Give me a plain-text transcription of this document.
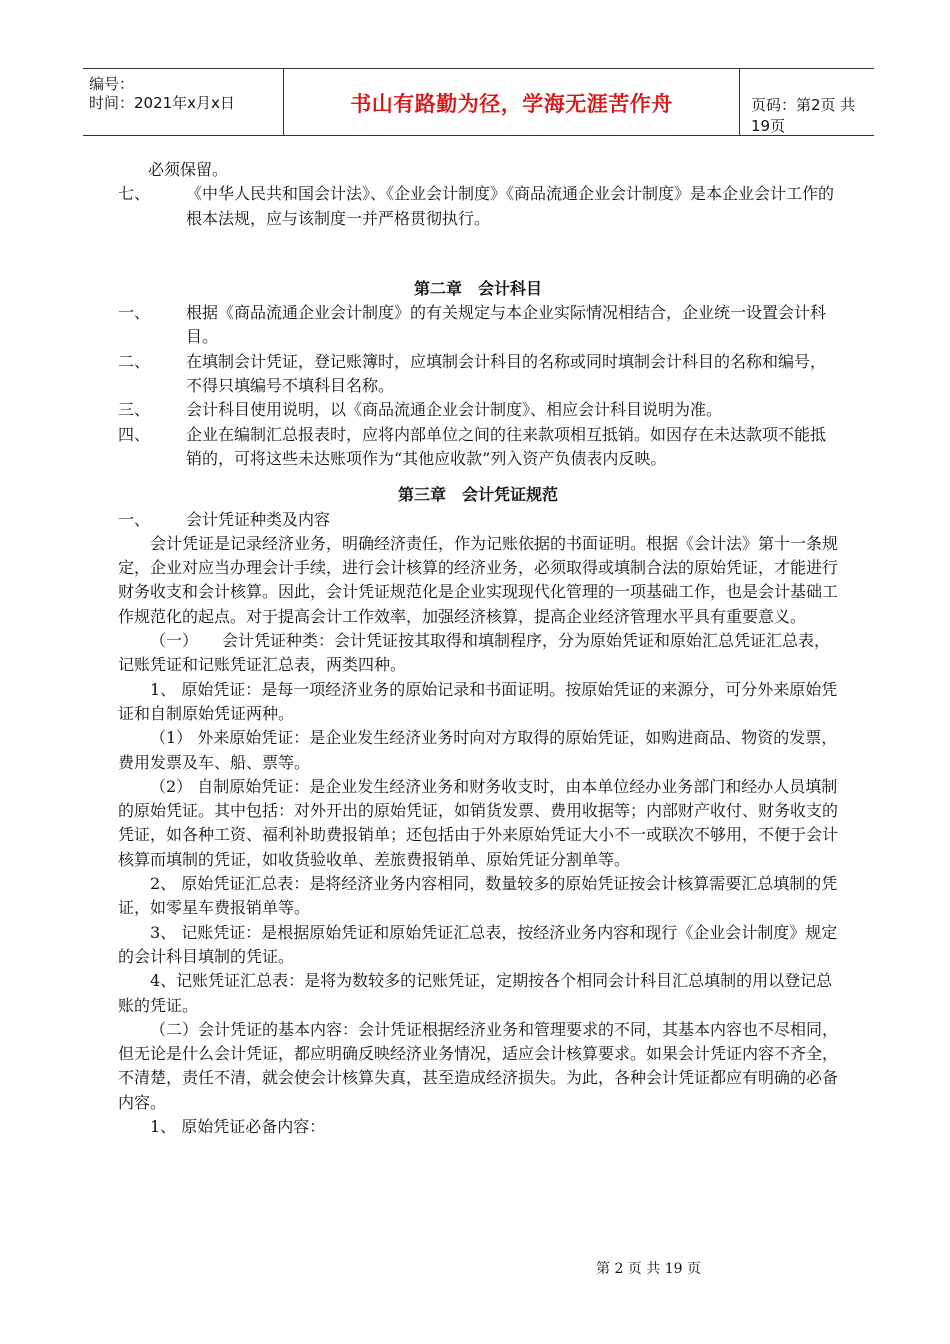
编号：
时间：2021年x月x日	书山有路勤为径，学海无涯苦作舟	页码：第2页 共19页

必须保留。

七、	《中华人民共和国会计法》、《企业会计制度》《商品流通企业会计制度》是本企业会计工作的根本法规，应与该制度一并严格贯彻执行。

第二章　会计科目

一、	根据《商品流通企业会计制度》的有关规定与本企业实际情况相结合，企业统一设置会计科目。
二、	在填制会计凭证，登记账簿时，应填制会计科目的名称或同时填制会计科目的名称和编号，不得只填编号不填科目名称。
三、	会计科目使用说明，以《商品流通企业会计制度》、相应会计科目说明为准。
四、	企业在编制汇总报表时，应将内部单位之间的往来款项相互抵销。如因存在未达款项不能抵销的，可将这些未达账项作为“其他应收款”列入资产负债表内反映。

第三章　会计凭证规范

一、	会计凭证种类及内容

会计凭证是记录经济业务，明确经济责任，作为记账依据的书面证明。根据《会计法》第十一条规定，企业对应当办理会计手续，进行会计核算的经济业务，必须取得或填制合法的原始凭证，才能进行财务收支和会计核算。因此，会计凭证规范化是企业实现现代化管理的一项基础工作，也是会计基础工作规范化的起点。对于提高会计工作效率，加强经济核算，提高企业经济管理水平具有重要意义。

（一）　　会计凭证种类：会计凭证按其取得和填制程序，分为原始凭证和原始汇总凭证汇总表，记账凭证和记账凭证汇总表，两类四种。

1、 原始凭证：是每一项经济业务的原始记录和书面证明。按原始凭证的来源分，可分外来原始凭证和自制原始凭证两种。

（1） 外来原始凭证：是企业发生经济业务时向对方取得的原始凭证，如购进商品、物资的发票，费用发票及车、船、票等。

（2） 自制原始凭证：是企业发生经济业务和财务收支时，由本单位经办业务部门和经办人员填制的原始凭证。其中包括：对外开出的原始凭证，如销货发票、费用收据等；内部财产收付、财务收支的凭证，如各种工资、福利补助费报销单；还包括由于外来原始凭证大小不一或联次不够用，不便于会计核算而填制的凭证，如收货验收单、差旅费报销单、原始凭证分割单等。

2、 原始凭证汇总表：是将经济业务内容相同，数量较多的原始凭证按会计核算需要汇总填制的凭证，如零星车费报销单等。

3、 记账凭证：是根据原始凭证和原始凭证汇总表，按经济业务内容和现行《企业会计制度》规定的会计科目填制的凭证。

4、记账凭证汇总表：是将为数较多的记账凭证，定期按各个相同会计科目汇总填制的用以登记总账的凭证。

（二）会计凭证的基本内容：会计凭证根据经济业务和管理要求的不同，其基本内容也不尽相同，但无论是什么会计凭证，都应明确反映经济业务情况，适应会计核算要求。如果会计凭证内容不齐全，不清楚，责任不清，就会使会计核算失真，甚至造成经济损失。为此，各种会计凭证都应有明确的必备内容。

1、 原始凭证必备内容：

第 2 页 共 19 页
